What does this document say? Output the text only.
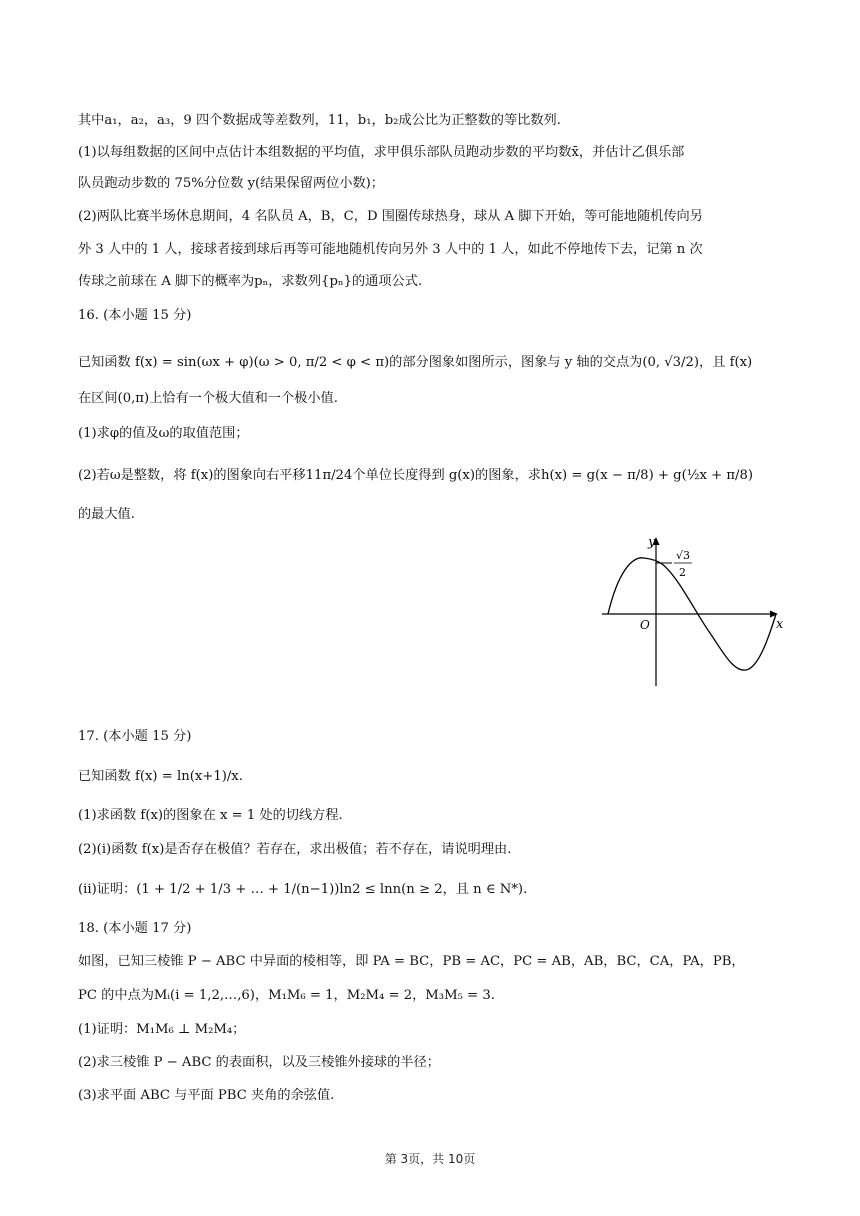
其中a₁，a₂，a₃，9 四个数据成等差数列，11，b₁，b₂成公比为正整数的等比数列.
(1)以每组数据的区间中点估计本组数据的平均值，求甲俱乐部队员跑动步数的平均数x̄，并估计乙俱乐部
队员跑动步数的 75%分位数 y(结果保留两位小数)；
(2)两队比赛半场休息期间，4 名队员 A，B，C，D 围圈传球热身，球从 A 脚下开始，等可能地随机传向另
外 3 人中的 1 人，接球者接到球后再等可能地随机传向另外 3 人中的 1 人，如此不停地传下去，记第 n 次
传球之前球在 A 脚下的概率为pₙ，求数列{pₙ}的通项公式.
16. (本小题 15 分)
已知函数 f(x) = sin(ωx + φ)(ω > 0, π/2 < φ < π)的部分图象如图所示，图象与 y 轴的交点为(0, √3/2)，且 f(x)
在区间(0,π)上恰有一个极大值和一个极小值.
(1)求φ的值及ω的取值范围；
(2)若ω是整数，将 f(x)的图象向右平移11π/24个单位长度得到 g(x)的图象，求h(x) = g(x − π/8) + g(½x + π/8)
的最大值.
y
x
O
√3
2
17. (本小题 15 分)
已知函数 f(x) = ln(x+1)/x.
(1)求函数 f(x)的图象在 x = 1 处的切线方程.
(2)(i)函数 f(x)是否存在极值？若存在，求出极值；若不存在，请说明理由.
(ii)证明：(1 + 1/2 + 1/3 + … + 1/(n−1))ln2 ≤ lnn(n ≥ 2，且 n ∈ N*).
18. (本小题 17 分)
如图，已知三棱锥 P − ABC 中异面的棱相等，即 PA = BC，PB = AC，PC = AB，AB，BC，CA，PA，PB，
PC 的中点为Mᵢ(i = 1,2,…,6)，M₁M₆ = 1，M₂M₄ = 2，M₃M₅ = 3.
(1)证明：M₁M₆ ⊥ M₂M₄；
(2)求三棱锥 P − ABC 的表面积，以及三棱锥外接球的半径；
(3)求平面 ABC 与平面 PBC 夹角的余弦值.
第 3页，共 10页
